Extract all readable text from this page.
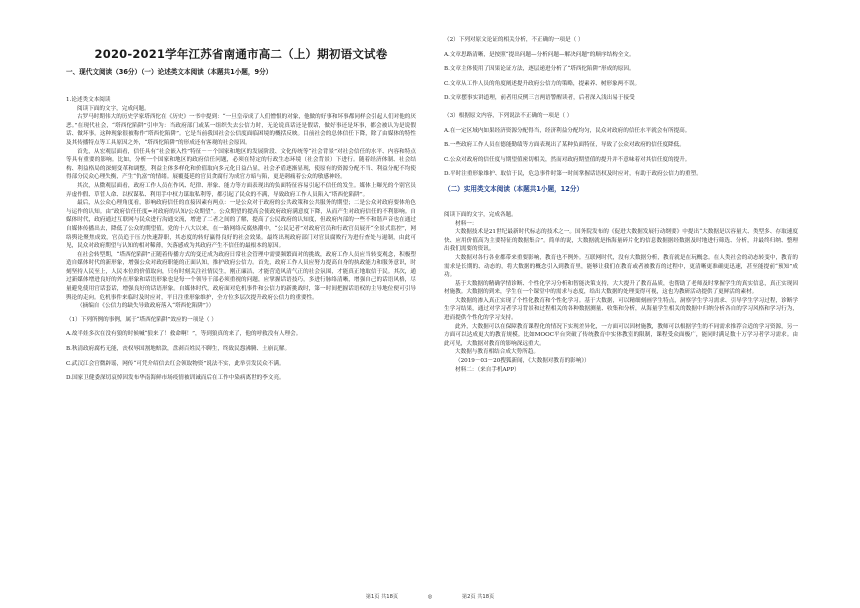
2020-2021学年江苏省南通市高二（上）期初语文试卷
一、现代文阅读（36分）（一）论述类文本阅读（本题共1小题，9分）

1.论述类文本阅读

阅读下面的文字，完成问题。

古罗马时期伟大的历史学家塔西佗在《历史》一书中提到：“一旦皇帝成了人们憎恨的对象，他做的好事和坏事都同样会引起人们对他的厌恶。”在现代社会，“塔西佗陷阱”引申为：当政府部门或某一组织失去公信力时，无论说真话还是假话，做好事还是坏事，都会被认为是说假话、做坏事。这种现象很被称作“塔西佗陷阱”。它是当前我国社会公信度面临困境的概括反映。目前社会的总体信任下降，除了由媒体的特性及其传播特点等工具原因之外，“塔西佗陷阱”的形成还有客观的社会原因。

首先，从宏观层面看，信任具有“社会嵌入性”特征－－个国家和地区的发展阶段、文化传统等“社会背景”对社会信任的水平、内容和特点等具有重要的影响。比如，分析一个国家和地区的政府信任问题，必须在特定的行政生态环境（社会背景）下进行。随着经济体制、社会结构、利益格局的深刻变革和调整，利益主体多样化和价值取向多元化日益凸显，社会矛盾逐渐显现，使原有的资源分配不当、利益分配不均使得部分民众心理失衡，产生“仇富”的情绪。展覆蔓延的官员贪腐行为成官方暗与陷，更是刺痛着公众的敏感神经。

其次，从微观层面看，政府工作人员在作风、纪律、形象、能力等方面表现出的负面特征容易引起不信任的发生。媒体上曝光的个别官员弄虚作假、草菅人命、以权谋私、利用手中权力谋取私利等，都引起了民众的不满，导致政府工作人员陷入“塔西佗陷阱”。

最后，从公众心理角度看，影响政府信任的直接因素有两点：一是公众对于政府的公共政策和公共服务的期望；二是公众对政府要体角色与运作的认知。由“政府信任任度=对政府的认知/公众期望”。公众期望的提高会使政府政府满意度下降，从而产生对政府信任的不利影响。自媒体时代，政府通过互联网与民众进行沟通交流，增进了二者之间的了解，提高了公民政府的认知度，但政府内部的一些不和谐声音也在通过自媒体传播出去，降低了公众的期望值。党的十八大以来，在一路网络反腐热潮中，“公民记者”对政府官员和行政官员展开“全景式监控”，网络舆论聚焦成效，官员追于压力快速辞职，其态度的转好赢得良好的社会效果。最终出现政府部门对官员腐败行为进行查处与遏制，由此可见，民众对政府期望与认知的相对稀薄，矢落感成为其政府产生不信任的最根本的原因。

在社会转型期，“塔西佗陷阱”正随着传播方式的变迁成为政府日常社会管理中需要频繁面对的挑战，政府工作人员应当转变观念，积极塑造自媒体时代的新形象，增强公众对政府职能的正面认知，推护政府公信力。首先，政府工作人员应努力提高自身的执政能力和服务意识，时刻坚持人民至上，人民本位的价值取向，只有时刻关注社情民生，刚正廉洁，才能营造风清气正的社会氛围，才能真正地取信于民。其次，通过新媒体增进良好的外在形象和话语形象也是每一个领导干部必须重视的问题，应掌握话语技巧，多进行脉络清晰，增强自己的话语风格，尽量避免使用官话套话，增强良好的话语形象。自媒体时代，政府面对危机事件和公信力的新挑战时，第一时间把握话语权的主导地位便可引导舆论的走向。危机事件来临时及时应对，平日注重形象维护，全方位多层次提升政府公信力的重要性。

（摘编自《公信力的缺失导致政府落入“塔西佗陷阱”》）

（1）下列所例的事例，属于“塔西佗陷阱”效应的一项是（ ）

A.故半娃多次在没有狼的时候喊“狼来了！救命啊！”，等到狼真的来了，他的呼救没有人理会。

B.秋清政府腐朽无能，丧权辱国割地赔款，盘剥百姓民不聊生，终致民怨沸腾、土崩瓦解。

C.武汉江会官微辟谣，网传“可凭介绍信去红会领取物资”说法不实，此举引发民众不满。

D.国家卫健委深切哀悼因发布华南海鲜市场疫情被训诫而后在工作中染病离世的李文亮。

（2）下列对原文论证的相关分析，不正确的一项是（ ）

A.文章思路清晰，是按照“提出问题—分析问题—解决问题”的顺序结构全文。

B.文章主体使用了因果论证方法，逐层递进分析了“塔西佗陷阱”形成的原因。

C.文章从工作人员的角度阐述提升政府公信力的策略，提素养、树形象两不误。

D.文章摆事实讲道理，前者用反例三言两语警醒读者，后者深入浅出易于接受

（3）根据原文内容，下列说法不正确的一项是（ ）

A.在一定区域内如果经济资源分配得当，经济利益分配均匀，民众对政府的信任水平就会有所提高。

B.一些政府工作人员在德能勤绩等方面表现出了某种负面特征，导致了公众对政府的信任度降低。

C.公众对政府的信任度与期望值密切相关，然而对政府期望值的提升并不意味着对其信任度的提升。

D.平时注重形象维护、取信于民，危急事件时第一时间掌握话语权及时应对，有助于政府公信力的重塑。

（二）实用类文本阅读（本题共1小题，12分）

阅读下面的文字，完成各题。

材料一：

大数据技术是21世纪最新时代标志的技术之一。国务院发布的《促进大数据发展行动纲要》中提出“大数据是以容量大、类型多、存取速度快、应用价值高为主要特征的数据集合”。简单的说，大数据就是指海量碎片化的信息数据据经数据及时地进行筛选、分析，并最终归纳、整理出我们需要的资讯。

大数据对各行各业都带来重要影响，教育也不例外。互联网时代，没有大数据分析，教育就是在玩概念。在人类社会的动态转变中，教育的需求是长期的、动态的，将大数据的概念引入到教育里，能够让我们在教育或者被教育的过程中，更清晰更准确更迅速，甚至能提前“预知”成功。

基于大数据的精确学情诊断、个性化学习分析和智能决策支持，大大提升了教育品质，也帮助了老师及时掌握学生的真实信息，真正实现因材施教。大数据的到来，学生在一个课堂中的需求与态度，给出大数据的处理变得可视，这也为教研活动提供了更鲜活的素材。

大数据的渗入真正实现了个性化教育和个性化学习。基于大数据，可以精细刻画学生特点，洞察学生学习需求、引导学生学习过程，诊断学生学习结果，通过对学习者学习背景和过程相关的各种数据测量、收集和分析，从海量学生相关的数据中归纳分析各自的学习风格和学习行为，进而提供个性化的学习支持。

此外，大数据可以在保障教育课程化的情况下实现差异化，一方面可以因材施教，教师可以根据学生的不同需求推荐合适的学习资源，另一方面可以达成更大的教育规模。比如MOOC平台突破了传统教育中实体教室的限制，课程受众面极广，能同时满足数十万学习者学习需求。由此可见，大数据对教育的影响深远重大。

大数据与教育相结合成大势所趋。

（2019－03－20搜狐新闻，《大数据对教育的影响》）

材料二：（来自手机APP）

第1页 共18页	◎	第2页 共18页
